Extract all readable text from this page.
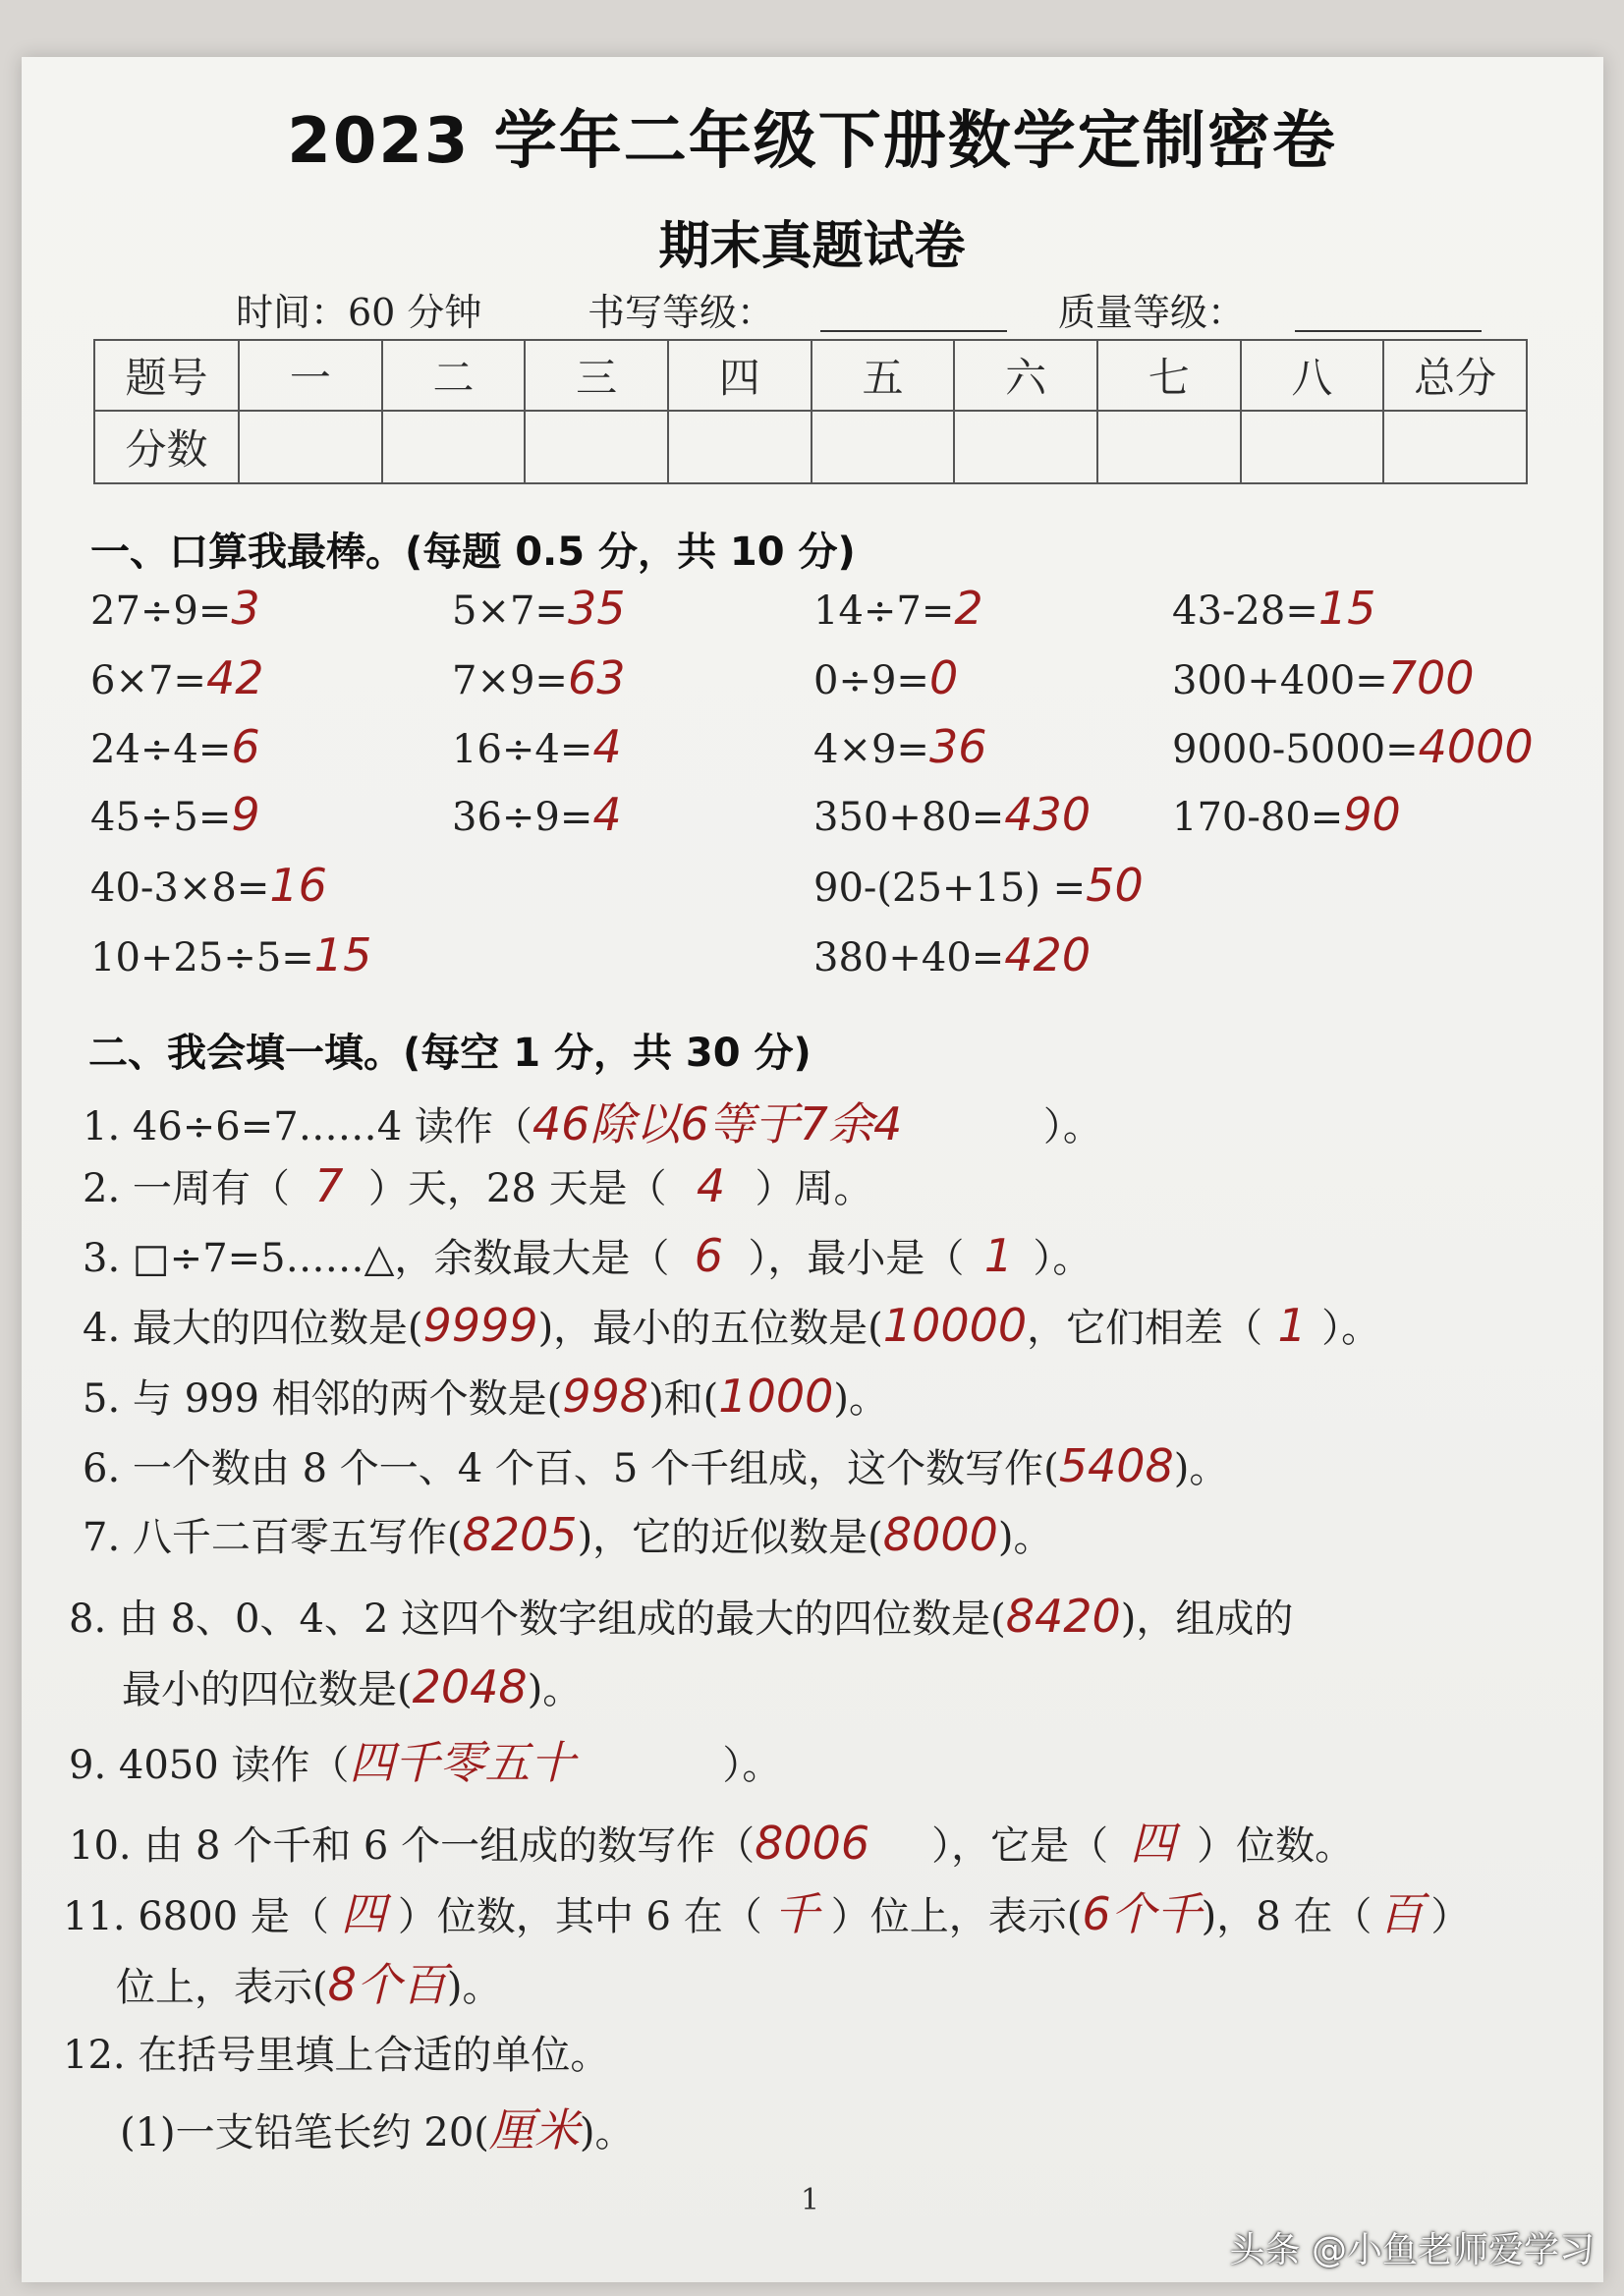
2023 学年二年级下册数学定制密卷
期末真题试卷
时间：60 分钟	书写等级：	质量等级：
题号	一	二	三	四	五	六	七	八	总分
分数									
一、口算我最棒。(每题 0.5 分，共 10 分)
27÷9=3	5×7=35	14÷7=2	43-28=15
6×7=42	7×9=63	0÷9=0	300+400=700
24÷4=6	16÷4=4	4×9=36	9000-5000=4000
45÷5=9	36÷9=4	350+80=430 170-80=90
40-3×8=16	90-(25+15) =50
10+25÷5=15	380+40=420
二、我会填一填。(每空 1 分，共 30 分)
1. 46÷6=7……4 读作（46除以6等于7余4	）。
2. 一周有（ 7 ）天，28 天是（ 4 ）周。
3. □÷7=5……△，余数最大是（ 6 ），最小是（ 1 ）。
4. 最大的四位数是(9999)，最小的五位数是(10000，它们相差（ 1 ）。
5. 与 999 相邻的两个数是(998)和(1000)。
6. 一个数由 8 个一、4 个百、5 个千组成，这个数写作(5408)。
7. 八千二百零五写作(8205)，它的近似数是(8000)。
8. 由 8、0、4、2 这四个数字组成的最大的四位数是(8420)，组成的
最小的四位数是(2048)。
9. 4050 读作（四千零五十	）。
10. 由 8 个千和 6 个一组成的数写作（8006 ），它是（ 四 ）位数。
11. 6800 是（ 四 ）位数，其中 6 在（ 千 ）位上，表示(6个千)，8 在（ 百 ）
位上，表示(8个百)。
12. 在括号里填上合适的单位。
(1)一支铅笔长约 20(厘米)。
1
头条 @小鱼老师爱学习
